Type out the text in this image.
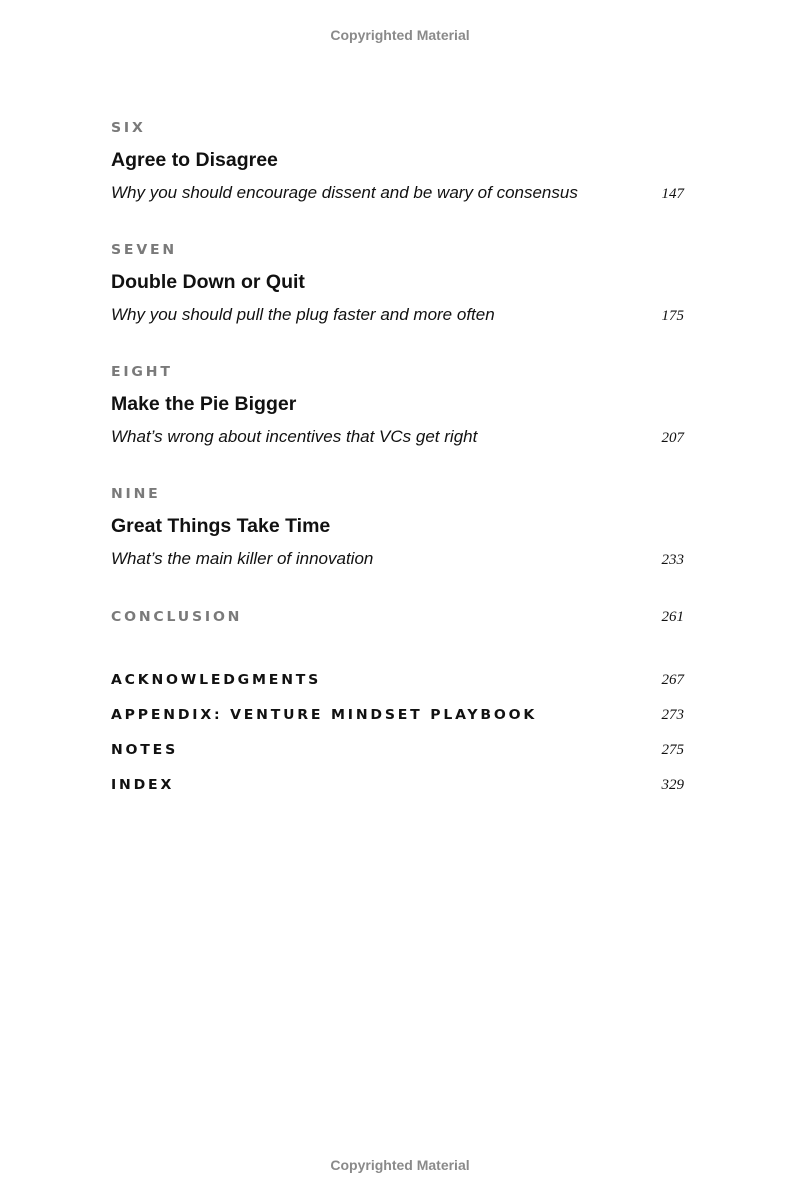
Copyrighted Material
SIX
Agree to Disagree
Why you should encourage dissent and be wary of consensus	147
SEVEN
Double Down or Quit
Why you should pull the plug faster and more often	175
EIGHT
Make the Pie Bigger
What’s wrong about incentives that VCs get right	207
NINE
Great Things Take Time
What’s the main killer of innovation	233
CONCLUSION	261
ACKNOWLEDGMENTS	267
APPENDIX: VENTURE MINDSET PLAYBOOK	273
NOTES	275
INDEX	329
Copyrighted Material
